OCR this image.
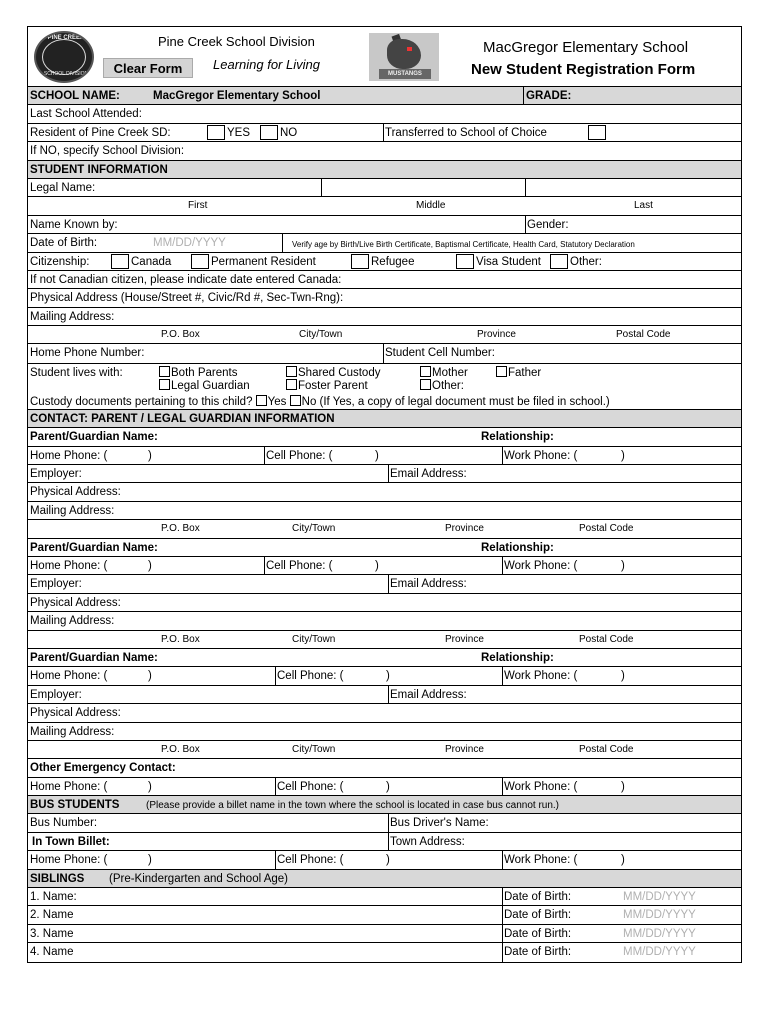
PINE CREEK
SCHOOL DIVISION
Pine Creek School Division
Clear Form	Learning for Living
MUSTANGS
MacGregor Elementary School
New Student Registration Form
SCHOOL NAME:	MacGregor Elementary School	GRADE:
Last School Attended:
Resident of Pine Creek SD:	YES	NO	Transferred to School of Choice
If NO, specify School Division:
STUDENT INFORMATION
Legal Name:
First	Middle	Last
Name Known by:	Gender:
Date of Birth:	MM/DD/YYYY	Verify age by Birth/Live Birth Certificate, Baptismal Certificate, Health Card, Statutory Declaration
Citizenship:	Canada	Permanent Resident	Refugee	Visa Student	Other:
If not Canadian citizen, please indicate date entered Canada:
Physical Address (House/Street #, Civic/Rd #, Sec-Twn-Rng):
Mailing Address:
P.O. Box	City/Town	Province	Postal Code
Home Phone Number:	Student Cell Number:
Student lives with:	Both Parents	Shared Custody	Mother	Father
Legal Guardian	Foster Parent	Other:
Custody documents pertaining to this child? Yes No (If Yes, a copy of legal document must be filed in school.)
CONTACT: PARENT / LEGAL GUARDIAN INFORMATION
Parent/Guardian Name:	Relationship:
Home Phone: (	)	Cell Phone: (	)	Work Phone: (	)
Employer:	Email Address:
Physical Address:
Mailing Address:
P.O. Box	City/Town	Province	Postal Code
Parent/Guardian Name:	Relationship:
Home Phone: (	)	Cell Phone: (	)	Work Phone: (	)
Employer:	Email Address:
Physical Address:
Mailing Address:
P.O. Box	City/Town	Province	Postal Code
Parent/Guardian Name:	Relationship:
Home Phone: (	)	Cell Phone: (	)	Work Phone: (	)
Employer:	Email Address:
Physical Address:
Mailing Address:
P.O. Box	City/Town	Province	Postal Code
Other Emergency Contact:
Home Phone: (	)	Cell Phone: (	)	Work Phone: (	)
BUS STUDENTS	(Please provide a billet name in the town where the school is located in case bus cannot run.)
Bus Number:	Bus Driver's Name:
In Town Billet:	Town Address:
Home Phone: (	)	Cell Phone: (	)	Work Phone: (	)
SIBLINGS (Pre-Kindergarten and School Age)
1. Name:	Date of Birth:	MM/DD/YYYY
2. Name	Date of Birth:	MM/DD/YYYY
3. Name	Date of Birth:	MM/DD/YYYY
4. Name	Date of Birth:	MM/DD/YYYY
